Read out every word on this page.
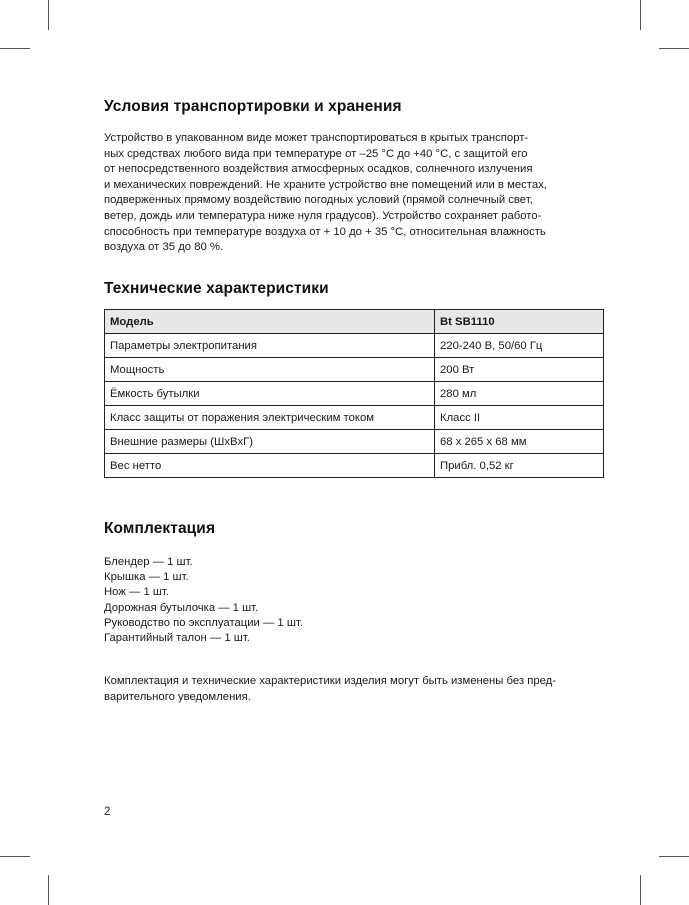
Условия транспортировки и хранения

Устройство в упакованном виде может транспортироваться в крытых транспорт-
ных средствах любого вида при температуре от –25 °C до +40 °C, с защитой его
от непосредственного воздействия атмосферных осадков, солнечного излучения
и механических повреждений. Не храните устройство вне помещений или в местах,
подверженных прямому воздействию погодных условий (прямой солнечный свет,
ветер, дождь или температура ниже нуля градусов). Устройство сохраняет работо-
способность при температуре воздуха от + 10 до + 35 °C, относительная влажность
воздуха от 35 до 80 %.

Технические характеристики
Модель	Bt SB1110
Параметры электропитания	220-240 В, 50/60 Гц
Мощность	200 Вт
Ёмкость бутылки	280 мл
Класс защиты от поражения электрическим током	Класс II
Внешние размеры (ШхВхГ)	68 х 265 х 68 мм
Вес нетто	Прибл. 0,52 кг
Комплектация
Блендер — 1 шт.
Крышка — 1 шт.
Нож — 1 шт.
Дорожная бутылочка — 1 шт.
Руководство по эксплуатации — 1 шт.
Гарантийный талон — 1 шт.

Комплектация и технические характеристики изделия могут быть изменены без пред-
варительного уведомления.

2
